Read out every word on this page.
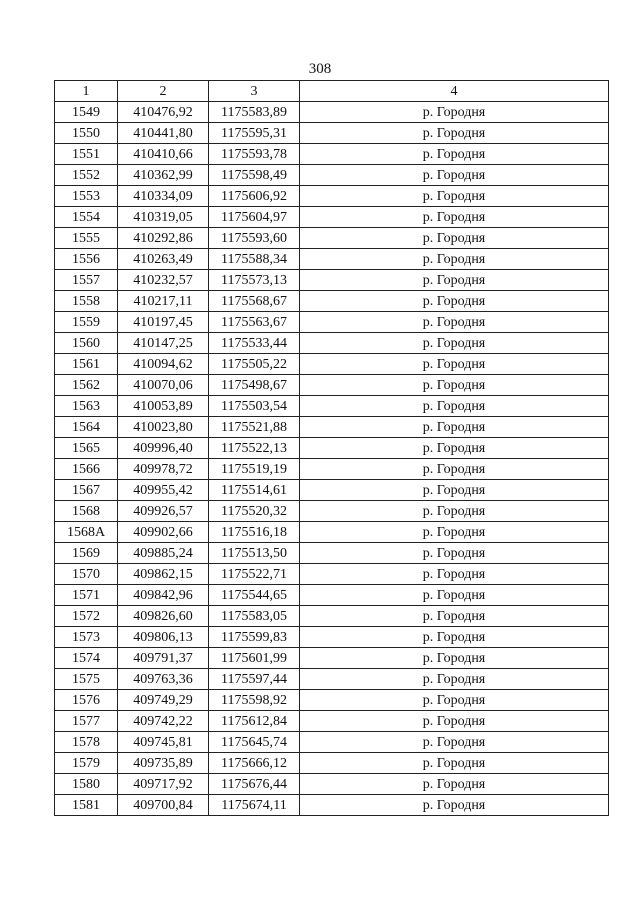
308
1	2	3	4
1549	410476,92	1175583,89	р. Городня
1550	410441,80	1175595,31	р. Городня
1551	410410,66	1175593,78	р. Городня
1552	410362,99	1175598,49	р. Городня
1553	410334,09	1175606,92	р. Городня
1554	410319,05	1175604,97	р. Городня
1555	410292,86	1175593,60	р. Городня
1556	410263,49	1175588,34	р. Городня
1557	410232,57	1175573,13	р. Городня
1558	410217,11	1175568,67	р. Городня
1559	410197,45	1175563,67	р. Городня
1560	410147,25	1175533,44	р. Городня
1561	410094,62	1175505,22	р. Городня
1562	410070,06	1175498,67	р. Городня
1563	410053,89	1175503,54	р. Городня
1564	410023,80	1175521,88	р. Городня
1565	409996,40	1175522,13	р. Городня
1566	409978,72	1175519,19	р. Городня
1567	409955,42	1175514,61	р. Городня
1568	409926,57	1175520,32	р. Городня
1568А	409902,66	1175516,18	р. Городня
1569	409885,24	1175513,50	р. Городня
1570	409862,15	1175522,71	р. Городня
1571	409842,96	1175544,65	р. Городня
1572	409826,60	1175583,05	р. Городня
1573	409806,13	1175599,83	р. Городня
1574	409791,37	1175601,99	р. Городня
1575	409763,36	1175597,44	р. Городня
1576	409749,29	1175598,92	р. Городня
1577	409742,22	1175612,84	р. Городня
1578	409745,81	1175645,74	р. Городня
1579	409735,89	1175666,12	р. Городня
1580	409717,92	1175676,44	р. Городня
1581	409700,84	1175674,11	р. Городня
